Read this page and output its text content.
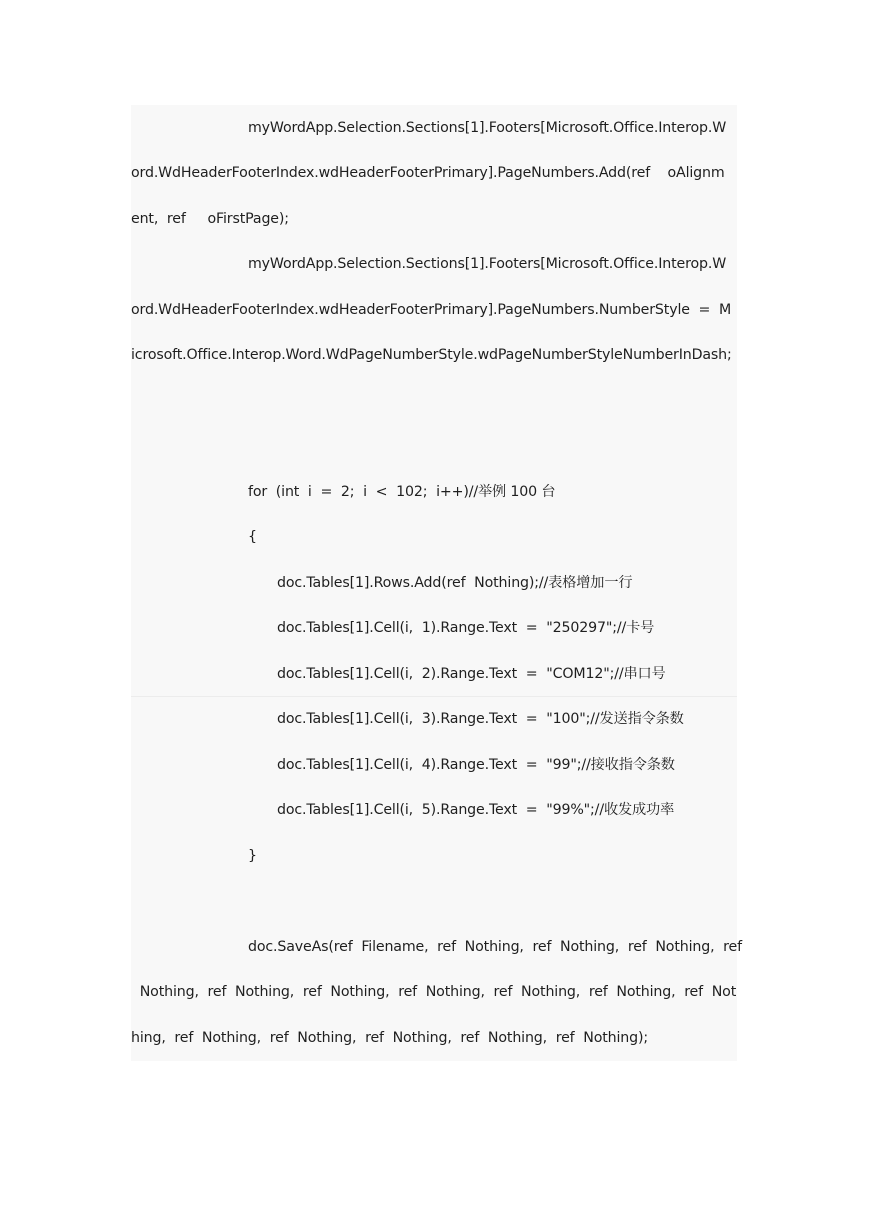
myWordApp.Selection.Sections[1].Footers[Microsoft.Office.Interop.W
ord.WdHeaderFooterIndex.wdHeaderFooterPrimary].PageNumbers.Add(ref    oAlignm
ent,  ref     oFirstPage);
myWordApp.Selection.Sections[1].Footers[Microsoft.Office.Interop.W
ord.WdHeaderFooterIndex.wdHeaderFooterPrimary].PageNumbers.NumberStyle  =  M
icrosoft.Office.Interop.Word.WdPageNumberStyle.wdPageNumberStyleNumberInDash;
for  (int  i  =  2;  i  <  102;  i++)//举例 100 台
{
doc.Tables[1].Rows.Add(ref  Nothing);//表格增加一行
doc.Tables[1].Cell(i,  1).Range.Text  =  "250297";//卡号
doc.Tables[1].Cell(i,  2).Range.Text  =  "COM12";//串口号
doc.Tables[1].Cell(i,  3).Range.Text  =  "100";//发送指令条数
doc.Tables[1].Cell(i,  4).Range.Text  =  "99";//接收指令条数
doc.Tables[1].Cell(i,  5).Range.Text  =  "99%";//收发成功率
}
doc.SaveAs(ref  Filename,  ref  Nothing,  ref  Nothing,  ref  Nothing,  ref
Nothing,  ref  Nothing,  ref  Nothing,  ref  Nothing,  ref  Nothing,  ref  Nothing,  ref  Not
hing,  ref  Nothing,  ref  Nothing,  ref  Nothing,  ref  Nothing,  ref  Nothing);
